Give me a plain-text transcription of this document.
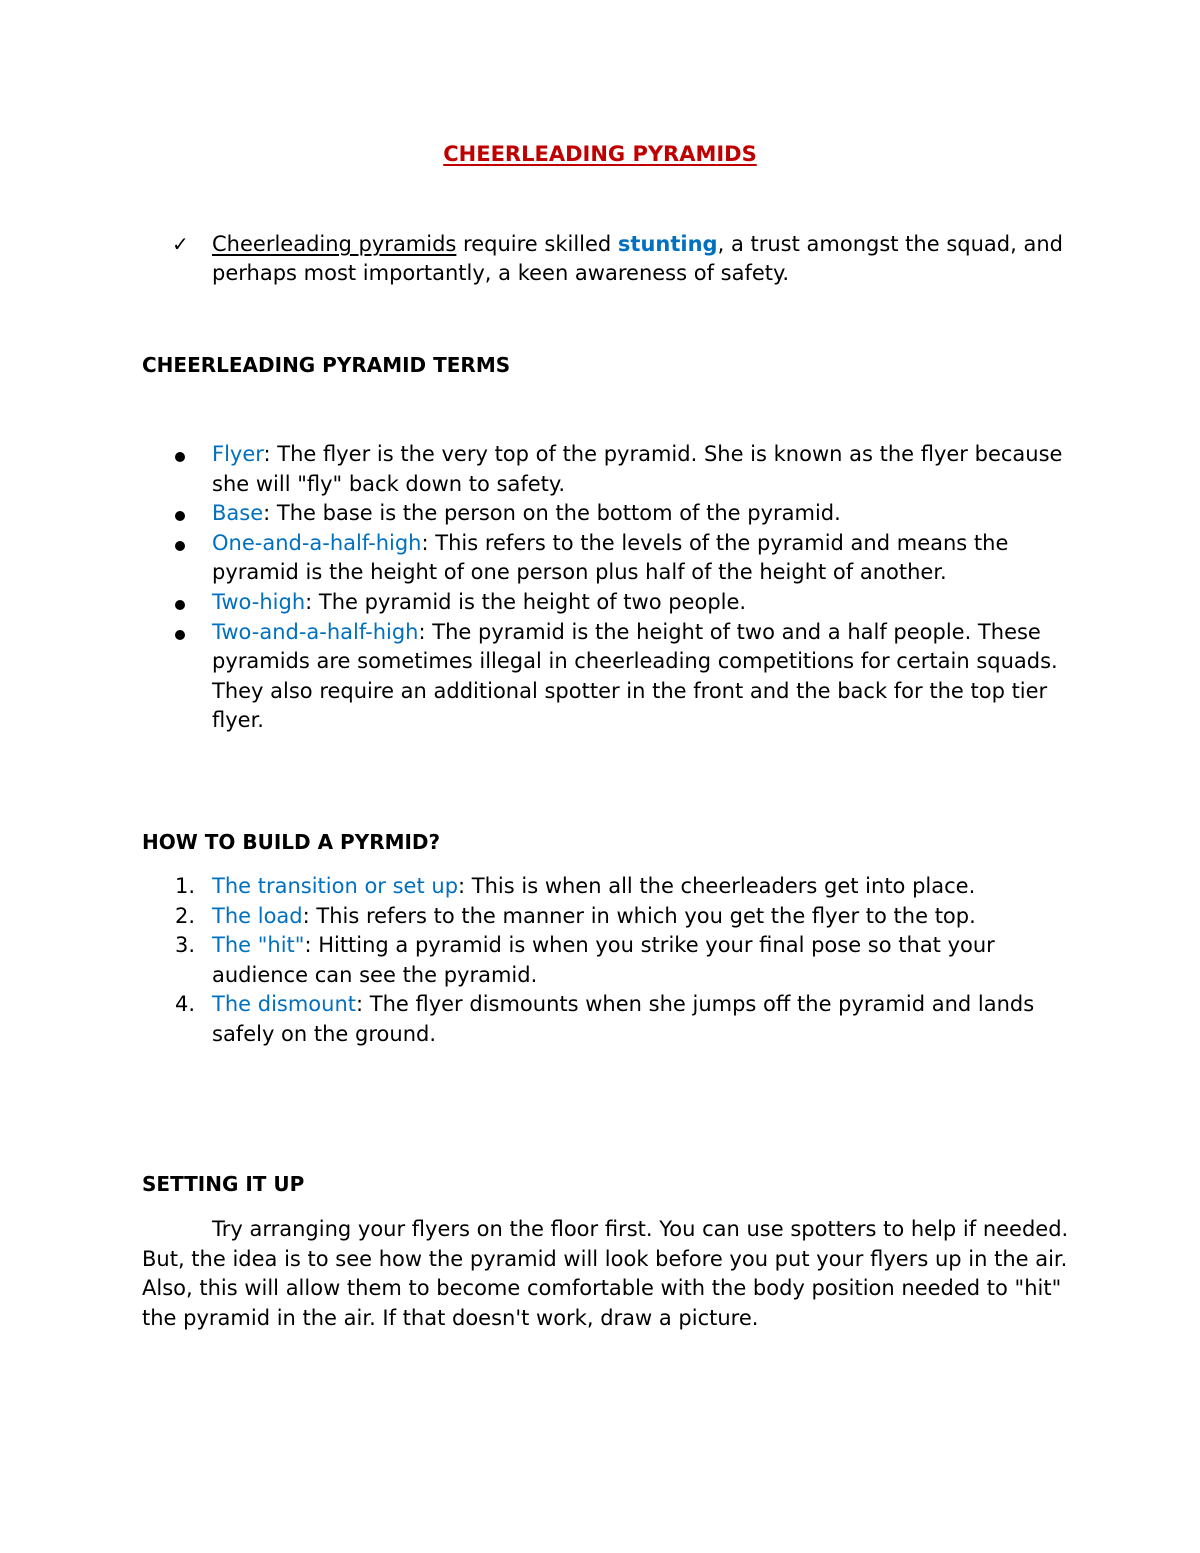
CHEERLEADING PYRAMIDS
✓ Cheerleading pyramids require skilled stunting, a trust amongst the squad, and perhaps most importantly, a keen awareness of safety.
CHEERLEADING PYRAMID TERMS
Flyer: The flyer is the very top of the pyramid. She is known as the flyer because she will "fly" back down to safety.
Base: The base is the person on the bottom of the pyramid.
One-and-a-half-high: This refers to the levels of the pyramid and means the pyramid is the height of one person plus half of the height of another.
Two-high: The pyramid is the height of two people.
Two-and-a-half-high: The pyramid is the height of two and a half people. These pyramids are sometimes illegal in cheerleading competitions for certain squads. They also require an additional spotter in the front and the back for the top tier flyer.
HOW TO BUILD A PYRMID?
1. The transition or set up: This is when all the cheerleaders get into place.
2. The load: This refers to the manner in which you get the flyer to the top.
3. The "hit": Hitting a pyramid is when you strike your final pose so that your audience can see the pyramid.
4. The dismount: The flyer dismounts when she jumps off the pyramid and lands safely on the ground.
SETTING IT UP

Try arranging your flyers on the floor first. You can use spotters to help if needed. But, the idea is to see how the pyramid will look before you put your flyers up in the air. Also, this will allow them to become comfortable with the body position needed to "hit" the pyramid in the air. If that doesn't work, draw a picture.
